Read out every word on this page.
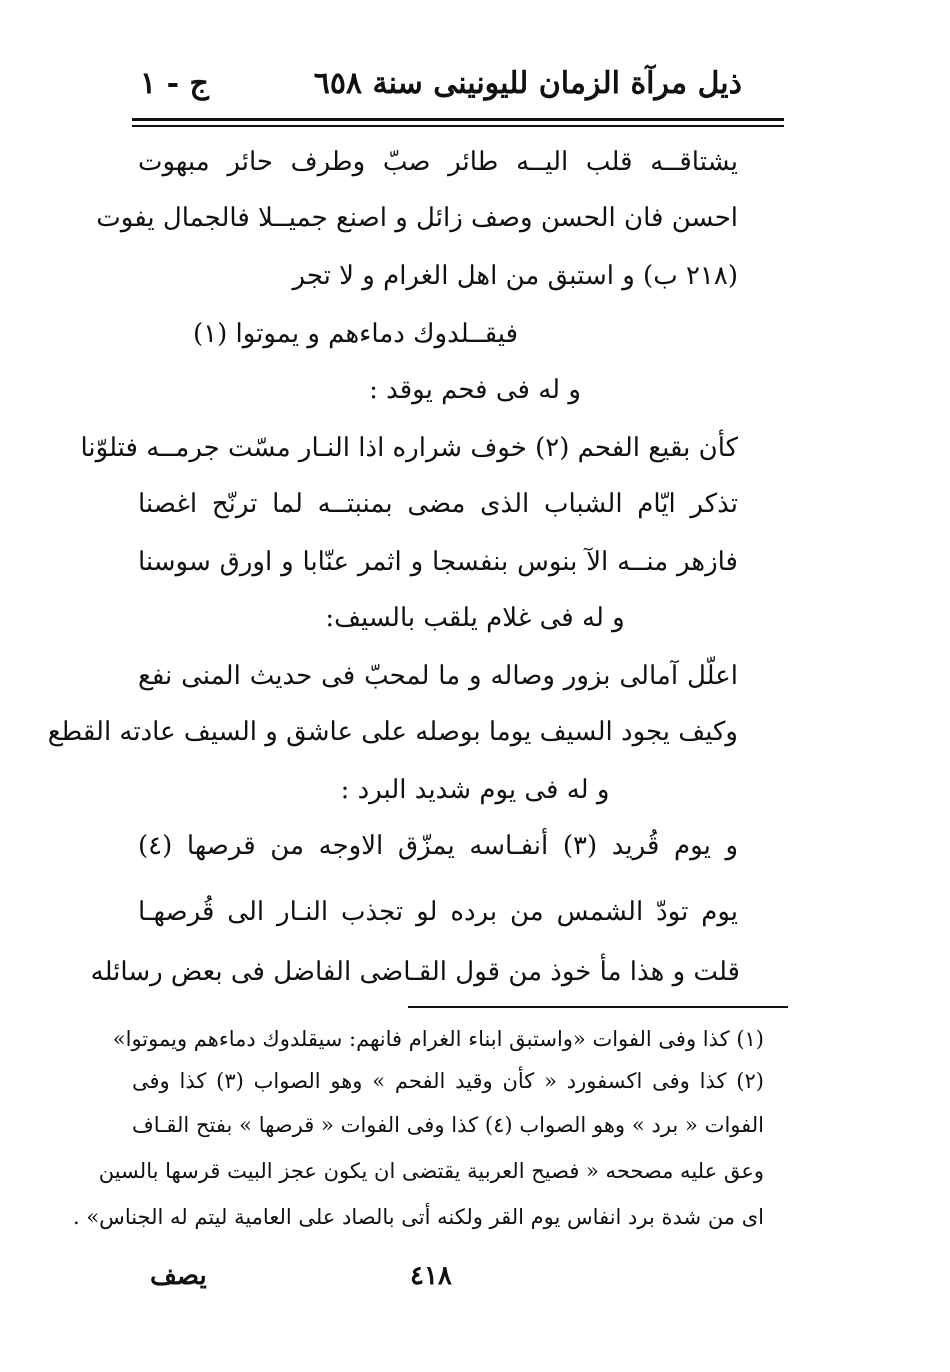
ذيل مرآة الزمان لليونينى سنة ٦٥٨
ج - ١
يشتاقــه قلب اليــه طائر صبّ وطرف حائر مبهوت
احسن فان الحسن وصف زائل و اصنع جميــلا فالجمال يفوت
(٢١٨ ب) و استبق من اهل الغرام و لا تجر
فيقــلدوك دماءهم و يموتوا (١)
و له فى فحم يوقد :
كأن بقيع الفحم (٢) خوف شراره اذا النـار مسّت جرمــه فتلوّنا
تذكر ايّام الشباب الذى مضى بمنبتــه لما ترنّح اغصنا
فازهر منــه الآ بنوس بنفسجا و اثمر عنّابا و اورق سوسنا
و له فى غلام يلقب بالسيف:
اعلّل آمالى بزور وصاله و ما لمحبّ فى حديث المنى نفع
وكيف يجود السيف يوما بوصله على عاشق و السيف عادته القطع
و له فى يوم شديد البرد :
و يوم قُريد (٣) أنفـاسه يمزّق الاوجه من قرصها (٤)
يوم تودّ الشمس من برده لو تجذب النـار الى قُرصهـا
قلت و هذا مأ خوذ من قول القـاضى الفاضل فى بعض رسائله
(١) كذا وفى الفوات «واستبق ابناء الغرام فانهم: سيقلدوك دماءهم ويموتوا»
(٢) كذا وفى اكسفورد « كأن وقيد الفحم » وهو الصواب (٣) كذا وفى
الفوات « برد » وهو الصواب (٤) كذا وفى الفوات « قرصها » بفتح القـاف
وعق عليه مصححه « فصيح العربية يقتضى ان يكون عجز البيت قرسها بالسين
اى من شدة برد انفاس يوم القر ولكنه أتى بالصاد على العامية ليتم له الجناس» .
٤١٨
يصف
